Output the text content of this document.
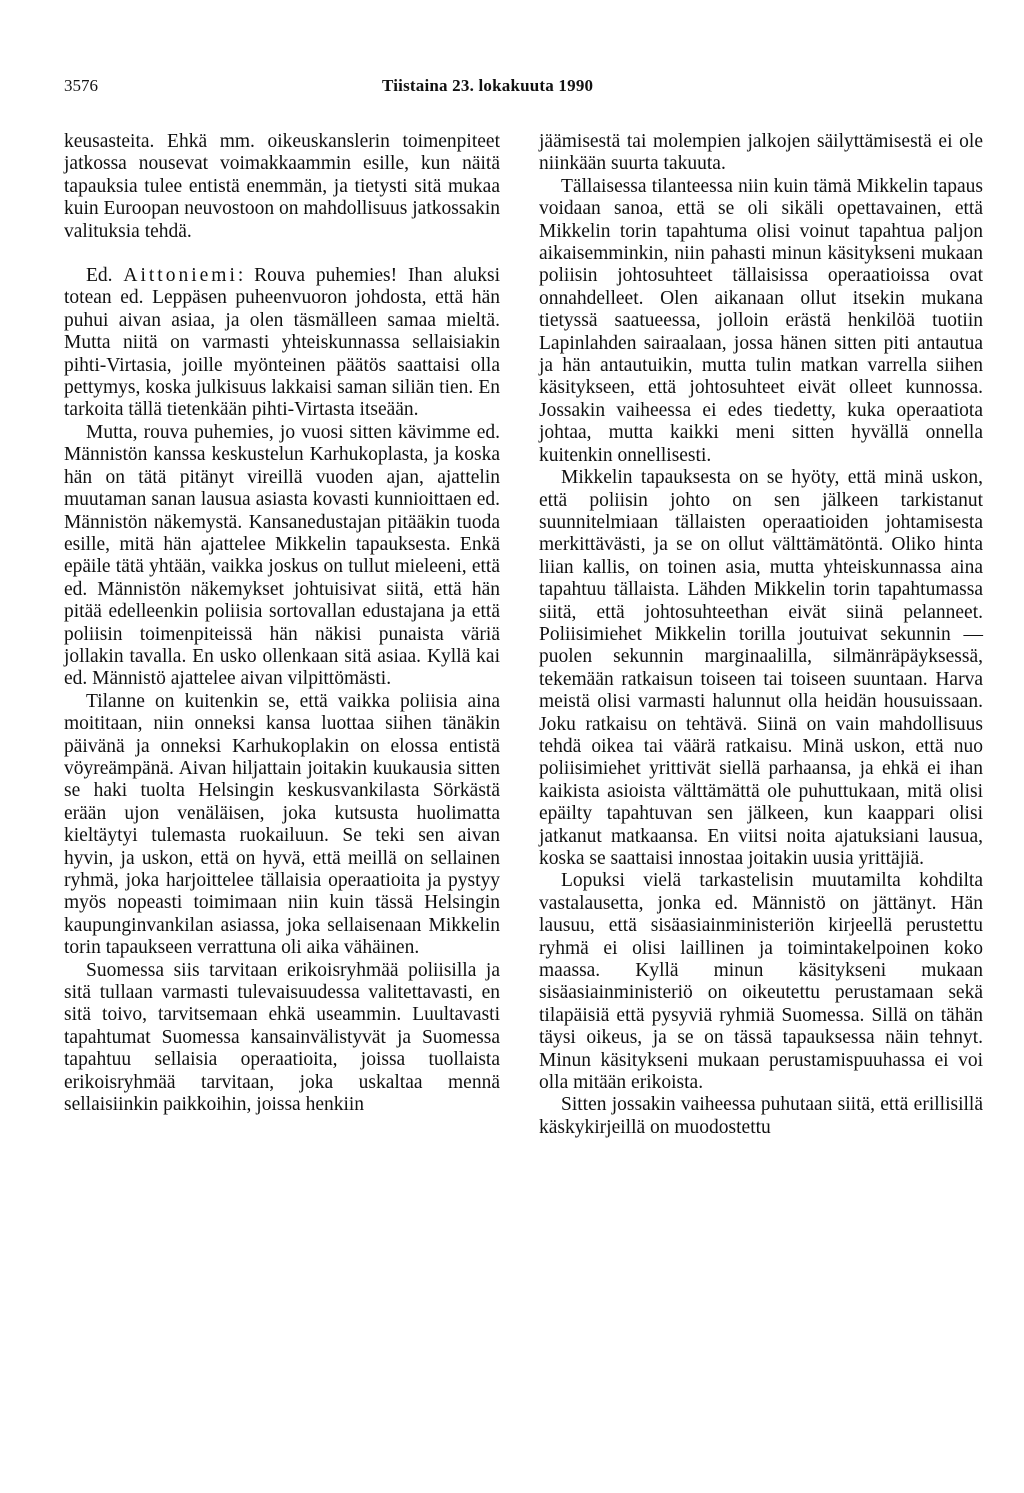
3576	Tiistaina 23. lokakuuta 1990

keusasteita. Ehkä mm. oikeuskanslerin toimenpiteet jatkossa nousevat voimakkaammin esille, kun näitä tapauksia tulee entistä enemmän, ja tietysti sitä mukaa kuin Euroopan neuvostoon on mahdollisuus jatkossakin valituksia tehdä.

Ed. Aittoniemi: Rouva puhemies! Ihan aluksi totean ed. Leppäsen puheenvuoron johdosta, että hän puhui aivan asiaa, ja olen täsmälleen samaa mieltä. Mutta niitä on varmasti yhteiskunnassa sellaisiakin pihti-Virtasia, joille myönteinen päätös saattaisi olla pettymys, koska julkisuus lakkaisi saman siliän tien. En tarkoita tällä tietenkään pihti-Virtasta itseään.

Mutta, rouva puhemies, jo vuosi sitten kävimme ed. Männistön kanssa keskustelun Karhukoplasta, ja koska hän on tätä pitänyt vireillä vuoden ajan, ajattelin muutaman sanan lausua asiasta kovasti kunnioittaen ed. Männistön näkemystä. Kansanedustajan pitääkin tuoda esille, mitä hän ajattelee Mikkelin tapauksesta. Enkä epäile tätä yhtään, vaikka joskus on tullut mieleeni, että ed. Männistön näkemykset johtuisivat siitä, että hän pitää edelleenkin poliisia sortovallan edustajana ja että poliisin toimenpiteissä hän näkisi punaista väriä jollakin tavalla. En usko ollenkaan sitä asiaa. Kyllä kai ed. Männistö ajattelee aivan vilpittömästi.

Tilanne on kuitenkin se, että vaikka poliisia aina moititaan, niin onneksi kansa luottaa siihen tänäkin päivänä ja onneksi Karhukoplakin on elossa entistä vöyreämpänä. Aivan hiljattain joitakin kuukausia sitten se haki tuolta Helsingin keskusvankilasta Sörkästä erään ujon venäläisen, joka kutsusta huolimatta kieltäytyi tulemasta ruokailuun. Se teki sen aivan hyvin, ja uskon, että on hyvä, että meillä on sellainen ryhmä, joka harjoittelee tällaisia operaatioita ja pystyy myös nopeasti toimimaan niin kuin tässä Helsingin kaupunginvankilan asiassa, joka sellaisenaan Mikkelin torin tapaukseen verrattuna oli aika vähäinen.

Suomessa siis tarvitaan erikoisryhmää poliisilla ja sitä tullaan varmasti tulevaisuudessa valitettavasti, en sitä toivo, tarvitsemaan ehkä useammin. Luultavasti tapahtumat Suomessa kansainvälistyvät ja Suomessa tapahtuu sellaisia operaatioita, joissa tuollaista erikoisryhmää tarvitaan, joka uskaltaa mennä sellaisiinkin paikkoihin, joissa henkiin

jäämisestä tai molempien jalkojen säilyttämisestä ei ole niinkään suurta takuuta.

Tällaisessa tilanteessa niin kuin tämä Mikkelin tapaus voidaan sanoa, että se oli sikäli opettavainen, että Mikkelin torin tapahtuma olisi voinut tapahtua paljon aikaisemminkin, niin pahasti minun käsitykseni mukaan poliisin johtosuhteet tällaisissa operaatioissa ovat onnahdelleet. Olen aikanaan ollut itsekin mukana tietyssä saatueessa, jolloin erästä henkilöä tuotiin Lapinlahden sairaalaan, jossa hänen sitten piti antautua ja hän antautuikin, mutta tulin matkan varrella siihen käsitykseen, että johtosuhteet eivät olleet kunnossa. Jossakin vaiheessa ei edes tiedetty, kuka operaatiota johtaa, mutta kaikki meni sitten hyvällä onnella kuitenkin onnellisesti.

Mikkelin tapauksesta on se hyöty, että minä uskon, että poliisin johto on sen jälkeen tarkistanut suunnitelmiaan tällaisten operaatioiden johtamisesta merkittävästi, ja se on ollut välttämätöntä. Oliko hinta liian kallis, on toinen asia, mutta yhteiskunnassa aina tapahtuu tällaista. Lähden Mikkelin torin tapahtumassa siitä, että johtosuhteethan eivät siinä pelanneet. Poliisimiehet Mikkelin torilla joutuivat sekunnin — puolen sekunnin marginaalilla, silmänräpäyksessä, tekemään ratkaisun toiseen tai toiseen suuntaan. Harva meistä olisi varmasti halunnut olla heidän housuissaan. Joku ratkaisu on tehtävä. Siinä on vain mahdollisuus tehdä oikea tai väärä ratkaisu. Minä uskon, että nuo poliisimiehet yrittivät siellä parhaansa, ja ehkä ei ihan kaikista asioista välttämättä ole puhuttukaan, mitä olisi epäilty tapahtuvan sen jälkeen, kun kaappari olisi jatkanut matkaansa. En viitsi noita ajatuksiani lausua, koska se saattaisi innostaa joitakin uusia yrittäjiä.

Lopuksi vielä tarkastelisin muutamilta kohdilta vastalausetta, jonka ed. Männistö on jättänyt. Hän lausuu, että sisäasiainministeriön kirjeellä perustettu ryhmä ei olisi laillinen ja toimintakelpoinen koko maassa. Kyllä minun käsitykseni mukaan sisäasiainministeriö on oikeutettu perustamaan sekä tilapäisiä että pysyviä ryhmiä Suomessa. Sillä on tähän täysi oikeus, ja se on tässä tapauksessa näin tehnyt. Minun käsitykseni mukaan perustamispuuhassa ei voi olla mitään erikoista.

Sitten jossakin vaiheessa puhutaan siitä, että erillisillä käskykirjeillä on muodostettu
